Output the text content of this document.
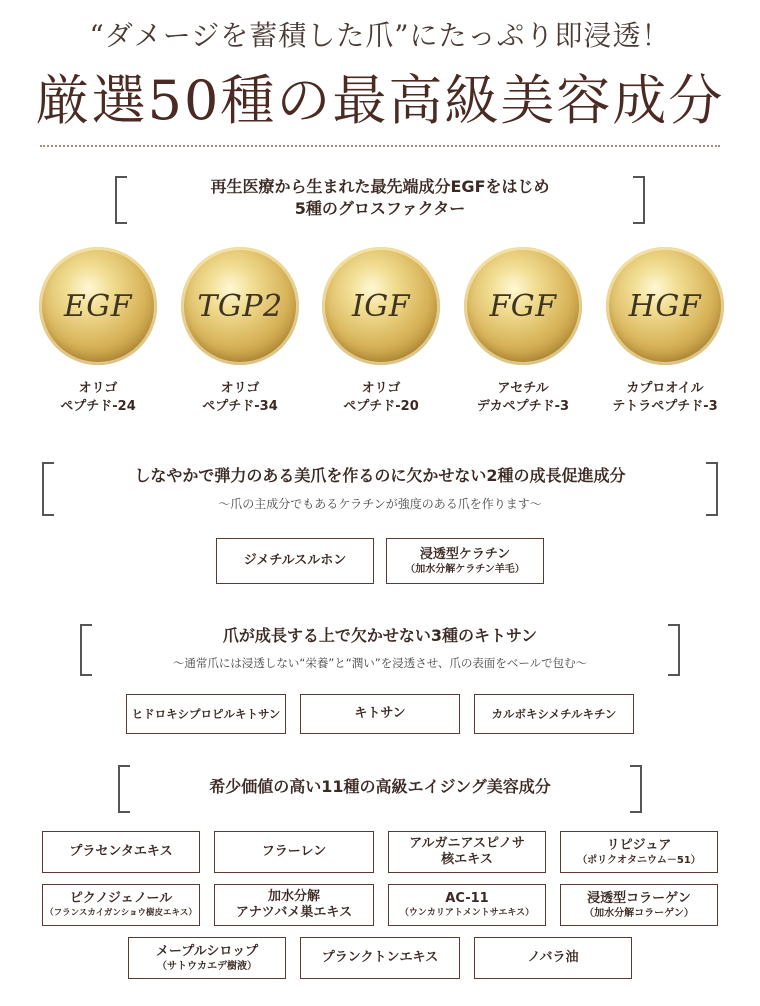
“ダメージを蓄積した爪”にたっぷり即浸透！
厳選50種の最高級美容成分
再生医療から生まれた最先端成分EGFをはじめ
5種のグロスファクター
EGF TGP2 IGF	FGF HGF
オリゴ
ペプチド-24
オリゴ
ペプチド-34
オリゴ
ペプチド-20
アセチル
デカペプチド-3
カプロオイル
テトラペプチド-3
しなやかで弾力のある美爪を作るのに欠かせない2種の成長促進成分
～爪の主成分でもあるケラチンが強度のある爪を作ります～
ジメチルスルホン	浸透型ケラチン
（加水分解ケラチン羊毛）
爪が成長する上で欠かせない3種のキトサン
～通常爪には浸透しない“栄養”と“潤い”を浸透させ、爪の表面をベールで包む～
ヒドロキシプロピルキトサン	キトサン	カルボキシメチルキチン
希少価値の高い11種の高級エイジング美容成分
プラセンタエキス	フラーレン
アルガニアスピノサ
核エキス
リピジュア
（ポリクオタニウム－51）
ピクノジェノール
（フランスカイガンショウ樹皮エキス）
加水分解
アナツバメ巣エキス
AC-11
（ウンカリアトメントサエキス）
浸透型コラーゲン
（加水分解コラーゲン）
メープルシロップ
（サトウカエデ樹液）
プランクトンエキス	ノバラ油
